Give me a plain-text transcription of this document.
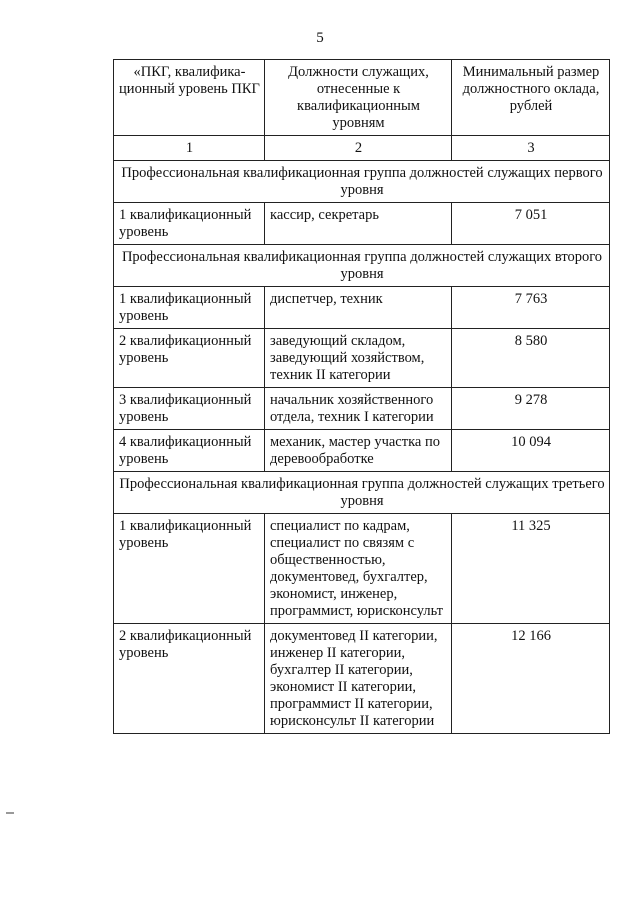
5
«ПКГ, квалифика- ционный уровень ПКГ	Должности служащих, отнесенные к квалификационным уровням	Минимальный размер должностного оклада, рублей
1	2	3
Профессиональная квалификационная группа должностей служащих первого уровня		
1 квалификационный уровень	кассир, секретарь	7 051
Профессиональная квалификационная группа должностей служащих второго уровня		
1 квалификационный уровень	диспетчер, техник	7 763
2 квалификационный уровень	заведующий складом, заведующий хозяйством, техник II категории	8 580
3 квалификационный уровень	начальник хозяйственного отдела, техник I категории	9 278
4 квалификационный уровень	механик, мастер участка по деревообработке	10 094
Профессиональная квалификационная группа должностей служащих третьего уровня		
1 квалификационный уровень	специалист по кадрам, специалист по связям с общественностью, документовед, бухгалтер, экономист, инженер, программист, юрисконсульт	11 325
2 квалификационный уровень	документовед II категории, инженер II категории, бухгалтер II категории, экономист II категории, программист II категории, юрисконсульт II категории	12 166
